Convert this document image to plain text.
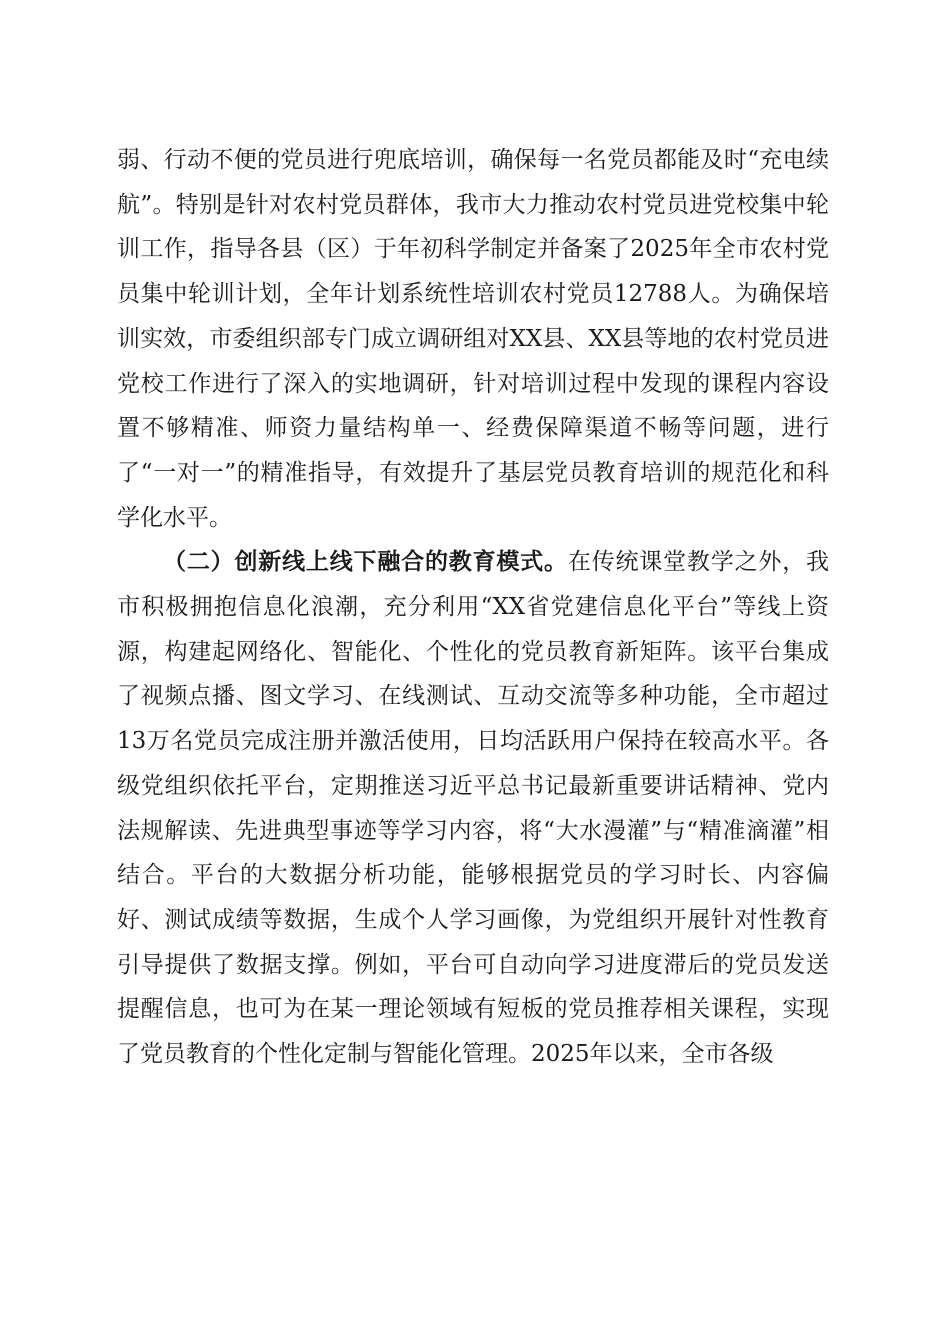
弱、行动不便的党员进行兜底培训，确保每一名党员都能及时“充电续航”。特别是针对农村党员群体，我市大力推动农村党员进党校集中轮训工作，指导各县（区）于年初科学制定并备案了2025年全市农村党员集中轮训计划，全年计划系统性培训农村党员12788人。为确保培训实效，市委组织部专门成立调研组对XX县、XX县等地的农村党员进党校工作进行了深入的实地调研，针对培训过程中发现的课程内容设置不够精准、师资力量结构单一、经费保障渠道不畅等问题，进行了“一对一”的精准指导，有效提升了基层党员教育培训的规范化和科学化水平。

（二）创新线上线下融合的教育模式。在传统课堂教学之外，我市积极拥抱信息化浪潮，充分利用“XX省党建信息化平台”等线上资源，构建起网络化、智能化、个性化的党员教育新矩阵。该平台集成了视频点播、图文学习、在线测试、互动交流等多种功能，全市超过13万名党员完成注册并激活使用，日均活跃用户保持在较高水平。各级党组织依托平台，定期推送习近平总书记最新重要讲话精神、党内法规解读、先进典型事迹等学习内容，将“大水漫灌”与“精准滴灌”相结合。平台的大数据分析功能，能够根据党员的学习时长、内容偏好、测试成绩等数据，生成个人学习画像，为党组织开展针对性教育引导提供了数据支撑。例如，平台可自动向学习进度滞后的党员发送提醒信息，也可为在某一理论领域有短板的党员推荐相关课程，实现了党员教育的个性化定制与智能化管理。2025年以来，全市各级
